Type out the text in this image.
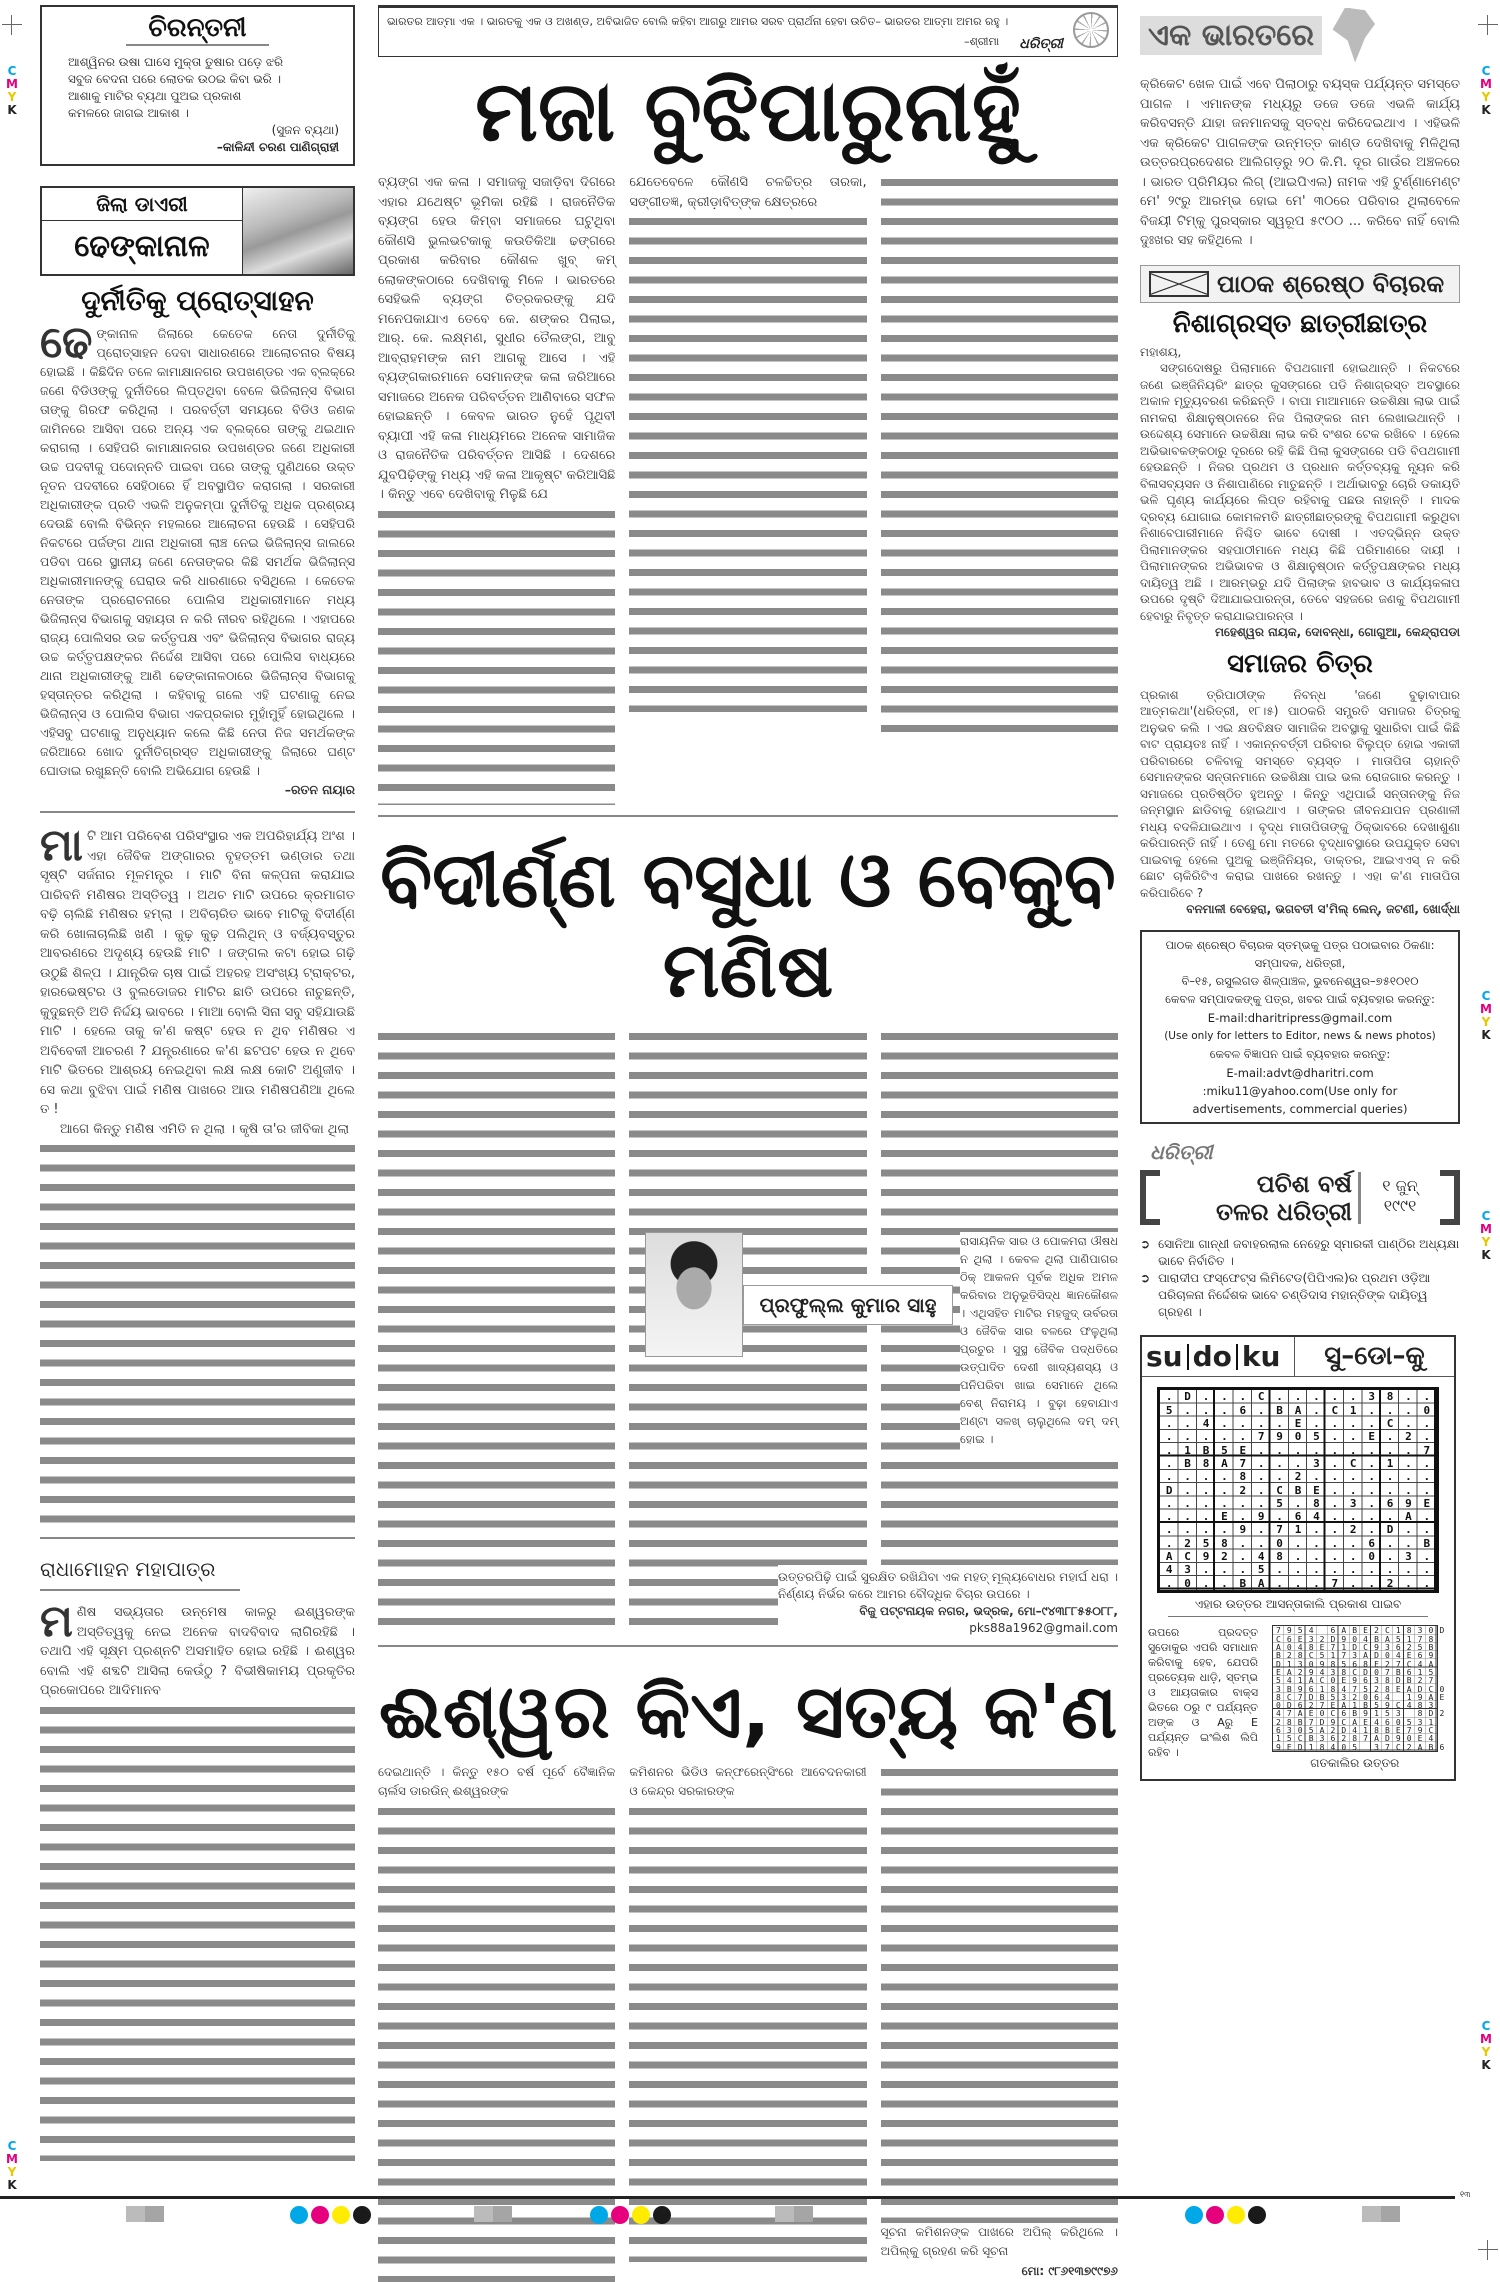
C
M
Y
K
C
M
Y
K
C
M
Y
K
C
M
Y
K
C
M
Y
K
C
M
Y
K
ଚିରନ୍ତନୀ
ଆଶ୍ୱିନର ଉଷା ଘାସେ ମୁକ୍ତା ତୁଷାର ପଡ଼େ ଝରି
ସବୁଜ ବେଦନା ପରେ ଲୋତକ ଉଠଇ କିବା ଭରି ।
ଆଶାକୁ ମାଟିର ବ୍ୟଥା ପୁଅଇ ପ୍ରକାଶ
କମଳରେ ଜାଗଇ ଆକାଶ ।
(ସୁଜନ ବ୍ୟଥା)
–କାଳିନ୍ଦୀ ଚରଣ ପାଣିଗ୍ରାହୀ
ଜିଲା ଡାଏରୀ
ଢେଙ୍କାନାଳ
ଦୁର୍ନୀତିକୁ ପ୍ରୋତ୍ସାହନ
ଢେଙ୍କାନାଳ ଜିଲାରେ କେତେକ ନେତା ଦୁର୍ନୀତିକୁ ପ୍ରୋତ୍ସାହନ ଦେବା ସାଧାରଣରେ ଆଲୋଚନାର ବିଷୟ ହୋଇଛି । କିଛିଦିନ ତଳେ କାମାକ୍ଷାନଗର ଉପଖଣ୍ଡର ଏକ ବ୍ଲକ୍‌ରେ ଜଣେ ବିଡିଓଙ୍କୁ ଦୁର୍ନୀତିରେ ଲିପ୍ତଥିବା ବେଳେ ଭିଜିଲାନ୍ସ ବିଭାଗ ତାଙ୍କୁ ଗିରଫ କରିଥିଲା । ପରବର୍ତ୍ତୀ ସମୟରେ ବିଡିଓ ଜଣକ ଜାମିନରେ ଆସିବା ପରେ ଅନ୍ୟ ଏକ ବ୍ଲକ୍‌ରେ ତାଙ୍କୁ ଥଇଥାନ କରାଗଲା । ସେହିପରି କାମାକ୍ଷାନଗର ଉପଖଣ୍ଡର ଜଣେ ଅଧିକାରୀ ଉଚ୍ଚ ପଦବୀକୁ ପଦୋନ୍ନତି ପାଇବା ପରେ ତାଙ୍କୁ ପୁଣିଥରେ ଉକ୍ତ ନୂତନ ପଦବୀରେ ସେହିଠାରେ ହିଁ ଅବସ୍ଥାପିତ କରାଗଲା । ସରକାରୀ ଅଧିକାରୀଙ୍କ ପ୍ରତି ଏଭଳି ଅନୁକମ୍ପା ଦୁର୍ନୀତିକୁ ଅଧିକ ପ୍ରଶ୍ରୟ ଦେଉଛି ବୋଲି ବିଭିନ୍ନ ମହଲରେ ଆଲୋଚନା ହେଉଛି । ସେହିପରି ନିକଟରେ ପର୍ଜଙ୍ଗ ଥାନା ଅଧିକାରୀ ଲାଞ୍ଚ ନେଇ ଭିଜିଲାନ୍ସ ଜାଲରେ ପଡିବା ପରେ ସ୍ଥାନୀୟ ଜଣେ ନେତାଙ୍କର କିଛି ସମର୍ଥକ ଭିଜିଲାନ୍ସ ଅଧିକାରୀମାନଙ୍କୁ ଘେରାଉ କରି ଧାରଣାରେ ବସିଥିଲେ । କେତେକ ନେତାଙ୍କ ପ୍ରରୋଚନାରେ ପୋଲିସ ଅଧିକାରୀମାନେ ମଧ୍ୟ ଭିଜିଲାନ୍ସ ବିଭାଗକୁ ସହାୟତା ନ କରି ନୀରବ ରହିଥିଲେ । ଏହାପରେ ରାଜ୍ୟ ପୋଲିସର ଉଚ୍ଚ କର୍ତ୍ତୃପକ୍ଷ ଏବଂ ଭିଜିଲାନ୍ସ ବିଭାଗର ରାଜ୍ୟ ଉଚ୍ଚ କର୍ତ୍ତୃପକ୍ଷଙ୍କର ନିର୍ଦ୍ଦେଶ ଆସିବା ପରେ ପୋଲିସ ବାଧ୍ୟରେ ଥାନା ଅଧିକାରୀଙ୍କୁ ଆଣି ଢେଙ୍କାନାଳଠାରେ ଭିଜିଲାନ୍ସ ବିଭାଗକୁ ହସ୍ତାନ୍ତର କରିଥିଲା । କହିବାକୁ ଗଲେ ଏହି ଘଟଣାକୁ ନେଇ ଭିଜିଲାନ୍ସ ଓ ପୋଲିସ ବିଭାଗ ଏକପ୍ରକାର ମୁହାଁମୁହିଁ ହୋଇଥିଲେ । ଏହିସବୁ ଘଟଣାକୁ ଅନୁଧ୍ୟାନ କଲେ କିଛି ନେତା ନିଜ ସମର୍ଥକଙ୍କ ଜରିଆରେ ଖୋଦ ଦୁର୍ନୀତିଗ୍ରସ୍ତ ଅଧିକାରୀଙ୍କୁ ଜିଲାରେ ଘଣ୍ଟ ଘୋଡାଇ ରଖୁଛନ୍ତି ବୋଲି ଅଭିଯୋଗ ହେଉଛି ।
–ରତନ ନାୟାର
ମାଟି ଆମ ପରିବେଶ ପରିସଂସ୍ଥାର ଏକ ଅପରିହାର୍ଯ୍ୟ ଅଂଶ । ଏହା ଜୈବିକ ଅଙ୍ଗାରର ବୃହତ୍ତମ ଭଣ୍ଡାର ତଥା ସୃଷ୍ଟି ସର୍ଜନାର ମୂଳମନ୍ତ୍ର । ମାଟି ବିନା କଳ୍ପନା କରାଯାଇ ପାରିବନି ମଣିଷର ଅସ୍ତିତ୍ୱ । ଅଥଚ ମାଟି ଉପରେ କ୍ରମାଗତ ବଢ଼ି ଚାଲିଛି ମଣିଷର ହମ୍‌ଲା । ଅବିଚାରିତ ଭାବେ ମାଟିକୁ ବିଦୀର୍ଣ୍ଣ କରି ଖୋଳାଚାଲିଛି ଖଣି । କୁଢ଼ କୁଢ଼ ପଲିଥିନ୍ ଓ ବର୍ଜ୍ୟବସ୍ତୁର ଆବରଣରେ ଅଦୃଶ୍ୟ ହେଉଛି ମାଟି । ଜଙ୍ଗଲ କଟା ହୋଇ ଗଢ଼ି ଉଠୁଛି ଶିଳ୍ପ । ଯାନ୍ତ୍ରିକ ଚାଷ ପାଇଁ ଅହରହ ଅସଂଖ୍ୟ ଟ୍ରାକ୍ଟର, ହାରଭେଷ୍ଟର ଓ ବୁଲଡୋଜର ମାଟିର ଛାତି ଉପରେ ନାଚୁଛନ୍ତି, କୁଦୁଛନ୍ତି ଅତି ନିର୍ଦ୍ଦୟ ଭାବରେ । ମାଆ ବୋଲି ସିନା ସବୁ ସହିଯାଉଛି ମାଟି । ହେଲେ ତାକୁ କ'ଣ କଷ୍ଟ ହେଉ ନ ଥିବ ମଣିଷର ଏ ଅବିବେକୀ ଆଚରଣ ? ଯନ୍ତ୍ରଣାରେ କ'ଣ ଛଟପଟ ହେଉ ନ ଥିବେ ମାଟି ଭିତରେ ଆଶ୍ରୟ ନେଇଥିବା ଲକ୍ଷ ଲକ୍ଷ କୋଟି ଅଣୁଜୀବ । ସେ କଥା ବୁଝିବା ପାଇଁ ମଣିଷ ପାଖରେ ଆଉ ମଣିଷପଣିଆ ଥିଲେ ତ !
ଆଗେ କିନ୍ତୁ ମଣିଷ ଏମିତି ନ ଥିଲା । କୃଷି ତା'ର ଜୀବିକା ଥିଲା
ରାଧାମୋହନ ମହାପାତ୍ର
ମଣିଷ ସଭ୍ୟତାର ଉନ୍ମେଷ କାଳରୁ ଈଶ୍ୱରଙ୍କ ଅସ୍ତିତ୍ୱକୁ ନେଇ ଅନେକ ବାଦବିବାଦ ଲାଗିରହିଛି । ତଥାପି ଏହି ସୂକ୍ଷ୍ମ ପ୍ରଶ୍ନଟି ଅସମାହିତ ହୋଇ ରହିଛି । ଈଶ୍ୱର ବୋଲି ଏହି ଶବ୍ଦଟି ଆସିଲା କେଉଁଠୁ ? ବିଭୀଷିକାମୟ ପ୍ରକୃତିର ପ୍ରକୋପରେ ଆଦିମାନବ
ଭାରତର ଆତ୍ମା ଏକ । ଭାରତକୁ ଏକ ଓ ଅଖଣ୍ଡ, ଅବିଭାଜିତ ବୋଲି କହିବା ଆଗରୁ ଆମର ସରବ ପ୍ରାର୍ଥନା ହେବା ଉଚିତ– ଭାରତର ଆତ୍ମା ଅମର ରହୁ ।
–ଶ୍ରୀମା ଧରିତ୍ରୀ
ମଜା ବୁଝିପାରୁନାହୁଁ
ବ୍ୟଙ୍ଗ ଏକ କଳା । ସମାଜକୁ ସଜାଡ଼ିବା ଦିଗରେ ଏହାର ଯଥେଷ୍ଟ ଭୂମିକା ରହିଛି । ରାଜନୈତିକ ବ୍ୟଙ୍ଗ ହେଉ କିମ୍ବା ସମାଜରେ ଘଟୁଥିବା କୌଣସି ଭୁଲଭଟକାକୁ କଉତିକିଆ ଢଙ୍ଗରେ ପ୍ରକାଶ କରିବାର କୌଶଳ ଖୁବ୍ କମ୍ ଲୋକଙ୍କଠାରେ ଦେଖିବାକୁ ମିଳେ । ଭାରତରେ ସେହିଭଳି ବ୍ୟଙ୍ଗ ଚିତ୍ରକରଙ୍କୁ ଯଦି ମନେପକାଯାଏ ତେବେ କେ. ଶଙ୍କର ପିଲାଇ, ଆର୍. କେ. ଲକ୍ଷ୍ମଣ, ସୁଧୀର ତୈଲଙ୍ଗ, ଆବୁ ଆବ୍ରାହମଙ୍କ ନାମ ଆଗକୁ ଆସେ । ଏହି ବ୍ୟଙ୍ଗକାରମାନେ ସେମାନଙ୍କ କଳା ଜରିଆରେ ସମାଜରେ ଅନେକ ପରିବର୍ତ୍ତନ ଆଣିବାରେ ସଫଳ ହୋଇଛନ୍ତି । କେବଳ ଭାରତ ନୁହେଁ ପୃଥିବୀ ବ୍ୟାପୀ ଏହି କଳା ମାଧ୍ୟମରେ ଅନେକ ସାମାଜିକ ଓ ରାଜନୈତିକ ପରିବର୍ତ୍ତନ ଆସିଛି । ଦେଶରେ ଯୁବପିଢ଼ିଙ୍କୁ ମଧ୍ୟ ଏହି କଳା ଆକୃଷ୍ଟ କରିଆସିଛି । କିନ୍ତୁ ଏବେ ଦେଖିବାକୁ ମିଳୁଛି ଯେ
ଯେତେବେଳେ କୌଣସି ଚଳଚ୍ଚିତ୍ର ତାରକା, ସଙ୍ଗୀତଜ୍ଞ, କ୍ରୀଡ଼ାବିତ୍‌ଙ୍କ କ୍ଷେତ୍ରରେ
ବିଦୀର୍ଣ୍ଣ ବସୁଧା ଓ ବେକୁବ ମଣିଷ
ପ୍ରଫୁଲ୍ଲ କୁମାର ସାହୁ
ରାସାୟନିକ ସାର ଓ ପୋକମରା ଔଷଧ ନ ଥିଲା । କେବଳ ଥିଲା ପାଣିପାଗର ଠିକ୍ ଆକଳନ ପୂର୍ବକ ଅଧିକ ଅମଳ କରିବାର ଅନୁଭୂତିସିଦ୍ଧ ଜ୍ଞାନକୌଶଳ । ଏଥିସହିତ ମାଟିର ମହଜୁଦ୍ ଉର୍ବରତା ଓ ଜୈବିକ ସାର ବଳରେ ଫଳୁଥିଲା ପ୍ରଚୁର । ସୁସ୍ଥ ଜୈବିକ ପଦ୍ଧତିରେ ଉତ୍ପାଦିତ ଦେଶୀ ଖାଦ୍ୟଶସ୍ୟ ଓ ପନିପରିବା ଖାଇ ସେମାନେ ଥିଲେ ବେଶ୍ ନିରାମୟ । ବୁଢ଼ା ହେବାଯାଏ ଅଣ୍ଟା ସଳଖ୍ ଚାଲୁଥିଲେ ଦମ୍ ଦମ୍ ହୋଇ ।
ଉତ୍ତରପିଢ଼ି ପାଇଁ ସୁରକ୍ଷିତ ରଖିଯିବା ଏକ ମହତ୍ ମୂଲ୍ୟବୋଧର ମହାର୍ଘ ଧରା । ନିର୍ଣ୍ଣୟ ନିର୍ଭର କରେ ଆମର ବୌଦ୍ଧିକ ବିଚାର ଉପରେ ।
ବିଜୁ ପଟ୍ଟନାୟକ ନଗର, ଭଦ୍ରକ, ମୋ–୯୪୩୮୮୫୫୦୮୮,
pks88a1962@gmail.com
ଈଶ୍ୱର କିଏ, ସତ୍ୟ କ'ଣ
ଦେଇଥାନ୍ତି । କିନ୍ତୁ ୧୫୦ ବର୍ଷ ପୂର୍ବେ ବୈଜ୍ଞାନିକ ଚାର୍ଲସ ଡାରଉିନ୍ ଈଶ୍ୱରଙ୍କ
କମିଶନର ଭିଡିଓ କନ୍‌ଫରେନ୍ସିଂରେ ଆବେଦନକାରୀ ଓ କେନ୍ଦ୍ର ସରକାରଙ୍କ
ସୂଚନା କମିଶନଙ୍କ ପାଖରେ ଅପିଲ୍ କରିଥିଲେ । ଅପିଲ୍‌କୁ ଗ୍ରହଣ କରି ସୂଚନା
ମୋ: ୯୮୬୧୩୭୯୯୭୬
ଏକ ଭାରତରେ
କ୍ରିକେଟ ଖେଳ ପାଇଁ ଏବେ ପିଲାଠାରୁ ବୟସ୍କ ପର୍ଯ୍ୟନ୍ତ ସମସ୍ତେ ପାଗଳ । ଏମାନଙ୍କ ମଧ୍ୟରୁ ଡଜେ ଡଜେ ଏଭଳି କାର୍ଯ୍ୟ କରିବସନ୍ତି ଯାହା ଜନମାନସକୁ ସ୍ତବ୍ଧ କରିଦେଇଥାଏ । ଏହିଭଳି ଏକ କ୍ରିକେଟ ପାଗଳଙ୍କ ଉନ୍ମତ୍ତ କାଣ୍ଡ ଦେଖିବାକୁ ମିଳିଥିଲା ଉତ୍ତରପ୍ରଦେଶର ଆଲିଗଡ଼ରୁ ୨୦ କି.ମି. ଦୂର ଗାଉଁର ଅଞ୍ଚଳରେ । ଭାରତ ପ୍ରିମିୟର ଲିଗ୍ (ଆଇପିଏଲ) ନାମକ ଏହି ଟୁର୍ଣ୍ଣାମେଣ୍ଟ ମେ' ୨୯ରୁ ଆରମ୍ଭ ହୋଇ ମେ' ୩୦ରେ ପରିବାର ଥିଲାବେଳେ ବିଜୟୀ ଟିମ୍‌କୁ ପୁରସ୍କାର ସ୍ୱରୂପ ୫୯୦୦ ... କରିବେ ନାହିଁ ବୋଲି ଦୁଃଖର ସହ କହିଥିଲେ ।
ପାଠକ ଶ୍ରେଷ୍ଠ ବିଚାରକ
ନିଶାଗ୍ରସ୍ତ ଛାତ୍ରୀଛାତ୍ର
ମହାଶୟ,
ସଙ୍ଗଦୋଷରୁ ପିଲାମାନେ ବିପଥଗାମୀ ହୋଇଥାନ୍ତି । ନିକଟରେ ଜଣେ ଇଞ୍ଜିନିୟରିଂ ଛାତ୍ର କୁସଙ୍ଗରେ ପଡି ନିଶାଗ୍ରସ୍ତ ଅବସ୍ଥାରେ ଅକାଳ ମୃତ୍ୟୁବରଣ କରିଛନ୍ତି । ବାପା ମାଆମାନେ ଉଚ୍ଚଶିକ୍ଷା ଲାଭ ପାଇଁ ନାମକରା ଶିକ୍ଷାନୁଷ୍ଠାନରେ ନିଜ ପିଲାଙ୍କର ନାମ ଲେଖାଇଥାନ୍ତି । ଉଦ୍ଦେଶ୍ୟ ସେମାନେ ଉଚ୍ଚଶିକ୍ଷା ଲାଭ କରି ବଂଶର ଟେକ ରଖିବେ । ହେଲେ ଅଭିଭାବକଙ୍କଠାରୁ ଦୂରରେ ରହି କିଛି ପିଲା କୁସଙ୍ଗରେ ପଡି ବିପଥଗାମୀ ହେଉଛନ୍ତି । ନିଜର ପ୍ରଥମ ଓ ପ୍ରଧାନ କର୍ତ୍ତବ୍ୟକୁ ନ୍ୟୂନ କରି ବିଳାସବ୍ୟସନ ଓ ନିଶାପାଣିରେ ମାତୁଛନ୍ତି । ଅର୍ଥାଭାବରୁ ଚୋରି ଡକାୟତି ଭଳି ଘୃଣ୍ୟ କାର୍ଯ୍ୟରେ ଲିପ୍ତ ରହିବାକୁ ପଛଉ ନାହାନ୍ତି । ମାଦକ ଦ୍ରବ୍ୟ ଯୋଗାଇ କୋମଳମତି ଛାତ୍ରୀଛାତ୍ରଙ୍କୁ ବିପଥଗାମୀ କରୁଥିବା ନିଶାବେପାରୀମାନେ ନିଶ୍ଚିତ ଭାବେ ଦୋଷୀ । ଏତଦ୍‌ଭିନ୍ନ ଉକ୍ତ ପିଲାମାନଙ୍କର ସହପାଠୀମାନେ ମଧ୍ୟ କିଛି ପରିମାଣରେ ଦାୟୀ । ପିଲାମାନଙ୍କର ଅଭିଭାବକ ଓ ଶିକ୍ଷାନୁଷ୍ଠାନ କର୍ତ୍ତୃପକ୍ଷଙ୍କର ମଧ୍ୟ ଦାୟିତ୍ୱ ଅଛି । ଆରମ୍ଭରୁ ଯଦି ପିଲାଙ୍କ ହାବଭାବ ଓ କାର୍ଯ୍ୟକଳାପ ଉପରେ ଦୃଷ୍ଟି ଦିଆଯାଇପାରନ୍ତା, ତେବେ ସହଜରେ ଜଣକୁ ବିପଥଗାମୀ ହେବାରୁ ନିବୃତ୍ତ କରାଯାଇପାରନ୍ତା ।
ମହେଶ୍ୱର ନାୟକ, ଦୋବନ୍ଧା, ଗୋଗୁଆ, କେନ୍ଦ୍ରାପଡା
ସମାଜର ଚିତ୍ର
ପ୍ରକାଶ ତ୍ରିପାଠୀଙ୍କ ନିବନ୍ଧ 'ଜଣେ ବୁଢ଼ାବାପାର ଆତ୍ମକଥା'(ଧରିତ୍ରୀ, ୧୮।୫) ପାଠକରି ସମ୍ପ୍ରତି ସମାଜର ଚିତ୍ରକୁ ଅନୁଭବ କଲି । ଏଇ କ୍ଷତବିକ୍ଷତ ସାମାଜିକ ଅବସ୍ଥାକୁ ସୁଧାରିବା ପାଇଁ କିଛି ବାଟ ପ୍ରାୟତଃ ନାହିଁ । ଏକାନ୍ନବର୍ତ୍ତୀ ପରିବାର ବିଲୁପ୍ତ ହୋଇ ଏକାକୀ ପରିବାରରେ ଚଳିବାକୁ ସମସ୍ତେ ବ୍ୟସ୍ତ । ମାତାପିତା ଚାହାନ୍ତି ସେମାନଙ୍କର ସନ୍ତାନମାନେ ଉଚ୍ଚଶିକ୍ଷା ପାଇ ଭଲ ରୋଜଗାର କରନ୍ତୁ । ସମାଜରେ ପ୍ରତିଷ୍ଠିତ ହୁଅନ୍ତୁ । କିନ୍ତୁ ଏଥିପାଇଁ ସନ୍ତାନଙ୍କୁ ନିଜ ଜନ୍ମସ୍ଥାନ ଛାଡିବାକୁ ହୋଇଥାଏ । ତାଙ୍କର ଜୀବନଯାପନ ପ୍ରଣାଳୀ ମଧ୍ୟ ବଦଳିଯାଇଥାଏ । ବୃଦ୍ଧ ମାତାପିତାଙ୍କୁ ଠିକ୍‌ଭାବରେ ଦେଖାଶୁଣା କରିପାରନ୍ତି ନାହିଁ । ତେଣୁ ମୋ ମତରେ ବୃଦ୍ଧାବସ୍ଥାରେ ଉପଯୁକ୍ତ ସେବା ପାଇବାକୁ ହେଲେ ପୁଅକୁ ଇଞ୍ଜିନିୟର, ଡାକ୍ତର, ଆଇଏଏସ୍ ନ କରି ଛୋଟ ଚାକିରିଟିଏ କରାଇ ପାଖରେ ରଖନ୍ତୁ । ଏହା କ'ଣ ମାତାପିତା କରିପାରିବେ ?
ବନମାଳୀ ବେହେରା, ଭଗବତୀ ସ'ମିଲ୍ ଲେନ୍, ଜଟଣୀ, ଖୋର୍ଦ୍ଧା
ପାଠକ ଶ୍ରେଷ୍ଠ ବିଚାରକ ସ୍ତମ୍ଭକୁ ପତ୍ର ପଠାଇବାର ଠିକଣା:
ସମ୍ପାଦକ, ଧରିତ୍ରୀ,
ବି–୧୫, ରସୁଲଗଡ ଶିଳ୍ପାଞ୍ଚଳ, ଭୁବନେଶ୍ୱର–୭୫୧୦୧୦
କେବଳ ସମ୍ପାଦକଙ୍କୁ ପତ୍ର, ଖବର ପାଇଁ ବ୍ୟବହାର କରନ୍ତୁ:
E-mail:dharitripress@gmail.com
(Use only for letters to Editor, news & news photos)
କେବଳ ବିଜ୍ଞାପନ ପାଇଁ ବ୍ୟବହାର କରନ୍ତୁ:
E-mail:advt@dharitri.com
:miku11@yahoo.com(Use only for
advertisements, commercial queries)
ଧରିତ୍ରୀ
ପଚିଶ ବର୍ଷ
ତଳର ଧରିତ୍ରୀ
୧ ଜୁନ୍
୧୯୯୧
➲ ସୋନିଆ ଗାନ୍ଧୀ ଜବାହରଲାଲ ନେହେରୁ ସ୍ମାରକୀ ପାଣ୍ଠିର ଅଧ୍ୟକ୍ଷା ଭାବେ ନିର୍ବାଚିତ ।
➲ ପାରାଦୀପ ଫସ୍‌ଫେଟ୍‌ସ ଲିମିଟେଡ(ପିପିଏଲ)ର ପ୍ରଥମ ଓଡ଼ିଆ ପରିଚାଳନା ନିର୍ଦ୍ଦେଶକ ଭାବେ ଚଣ୍ଡିଦାସ ମହାନ୍ତିଙ୍କ ଦାୟିତ୍ୱ ଗ୍ରହଣ ।
su do ku	ସୁ–ଡୋ–କୁ
.D...C.....38..
5...6.BA.C1...0
..4....E....C..
.....7905..E.2.
.1B5E.........7
.B8A7...3.C.1..
....8..2.......
D...2.CBE......
......5.8.3.69E
...E.9.64....A.
....9.71..2.D..
.258..0....6..B
AC92.48....0.3.
43...5.........
.0..BA...7..2..
ଏହାର ଉତ୍ତର ଆସନ୍ତାକାଲି ପ୍ରକାଶ ପାଇବ
ଉପରେ ପ୍ରଦତ୍ତ ସୁଡୋକୁର ଏପରି ସମାଧାନ କରିବାକୁ ହେବ, ଯେପରି ପ୍ରତ୍ୟେକ ଧାଡ଼ି, ସ୍ତମ୍ଭ ଓ ଆୟତାକାର ବାକ୍ସ ଭିତରେ ୦ରୁ ୯ ପର୍ଯ୍ୟନ୍ତ ଅଙ୍କ ଓ Aରୁ E ପର୍ଯ୍ୟନ୍ତ ଇଂଲିଶ ଲିପି ରହିବ ।
7954 6ABE2C1830D
C6E32D904BA5178
A048E71DC93625B
B28C5173AD04E69
D13098568E27C4A
EA29438CD07B615
541AC0E9638DB27
3B961847528EADC0
8C7DB532064 19AE
0D627EA1B59C483
47AE0C6B9153 8D2
28B7D9CAE460531
6305A2D418BE79C
15CB36287AD90E4
9ED18405 37C2AB6
ଗତକାଲିର ଉତ୍ତର
୧୩
